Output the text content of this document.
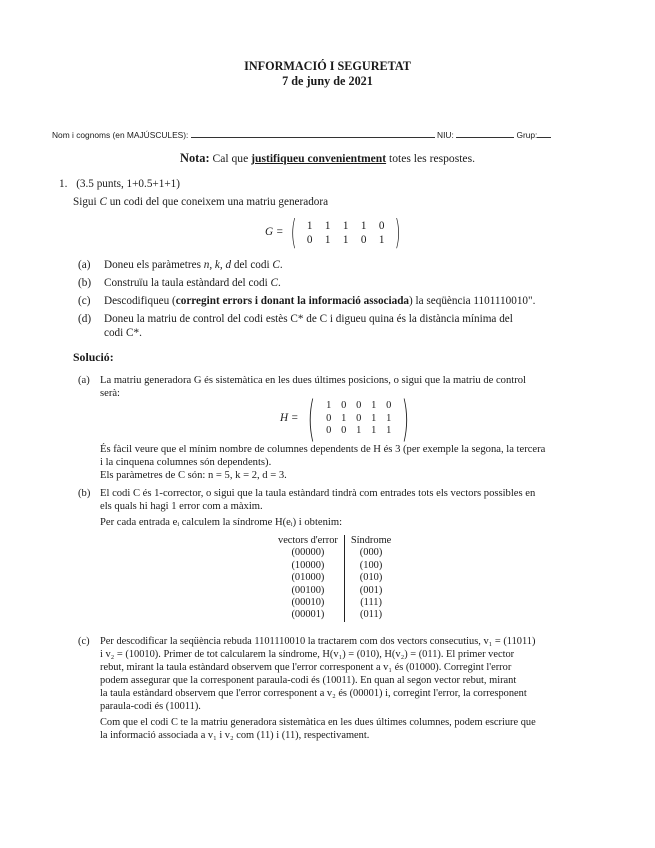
INFORMACIÓ I SEGURETAT
7 de juny de 2021
Nom i cognoms (en MAJÚSCULES):	NIU:	Grup:
Nota: Cal que justifiqueu convenientment totes les respostes.
1. (3.5 punts, 1+0.5+1+1)
Sigui C un codi del que coneixem una matriu generadora
G = ( 1	1	1	1	0
0	1	1	0	1 )
(a) Doneu els paràmetres n, k, d del codi C.
(b) Construïu la taula estàndard del codi C.
(c) Descodifiqueu (corregint errors i donant la informació associada) la seqüència 1101110010".
(d) Doneu la matriu de control del codi estès C* de C i digueu quina és la distància mínima del
codi C*.
Solució:
(a) La matriu generadora G és sistemàtica en les dues últimes posicions, o sigui que la matriu de control
serà:
H = (	1 0 0 1 0
0 1 0 1 1
0 0 1 1 1 )
És fàcil veure que el mínim nombre de columnes dependents de H és 3 (per exemple la segona, la tercera
i la cinquena columnes són dependents).
Els paràmetres de C són: n = 5, k = 2, d = 3.
(b) El codi C és 1-corrector, o sigui que la taula estàndard tindrà com entrades tots els vectors possibles en
els quals hi hagi 1 error com a màxim.
Per cada entrada eᵢ calculem la síndrome H(eᵢ) i obtenim:
vectors d'error	Síndrome
(00000)	(000)
(10000)	(100)
(01000)	(010)
(00100)	(001)
(00010)	(111)
(00001)	(011)
(c)	Per descodificar la seqüència rebuda 1101110010 la tractarem com dos vectors consecutius, v₁ = (11011)
i v₂ = (10010). Primer de tot calcularem la síndrome, H(v₁) = (010), H(v₂) = (011). El primer vector
rebut, mirant la taula estàndard observem que l'error corresponent a v₁ és (01000). Corregint l'error
podem assegurar que la corresponent paraula-codi és (10011). En quan al segon vector rebut, mirant
la taula estàndard observem que l'error corresponent a v₂ és (00001) i, corregint l'error, la corresponent
paraula-codi és (10011).
Com que el codi C te la matriu generadora sistemàtica en les dues últimes columnes, podem escriure que
la informació associada a v₁ i v₂ com (11) i (11), respectivament.
